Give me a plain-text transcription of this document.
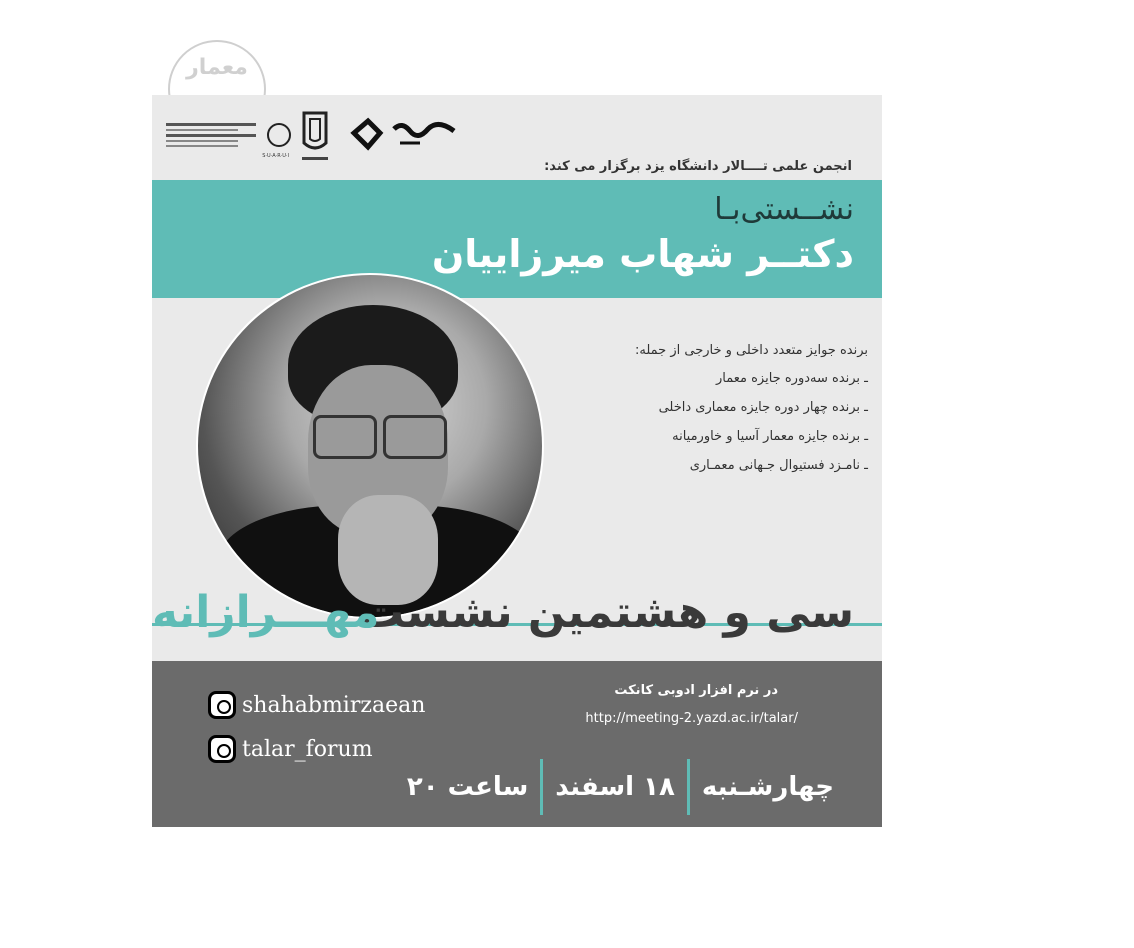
معمار
S·U·A·R·U·I
انجمن علمی تــــالار دانشگاه یزد برگزار می کند:
نشــستی‌بـا
دکتــر شهاب میرزاییان
برنده جوایز متعدد داخلی و خارجی از جمله:
ـ برنده سه‌دوره جایزه معمار
ـ برنده چهار دوره جایزه معماری داخلی
ـ برنده جایزه معمار آسیا و خاورمیانه
ـ نامـزد فستیوال جـهانی معمـاری
سی و هشتمین نشست
مهـــرازانه
shahabmirzaean
talar_forum
در نرم افزار ادوبی کانکت
http://meeting-2.yazd.ac.ir/talar/
چهارشـنبه
۱۸ اسفند
ساعت ۲۰
